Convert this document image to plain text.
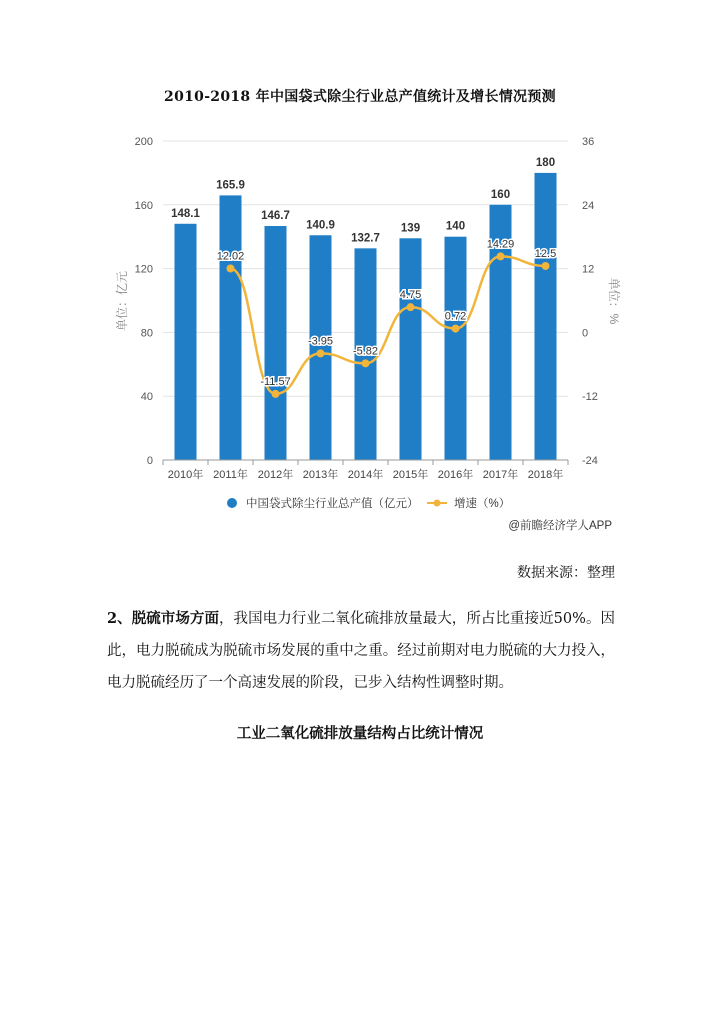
2010-2018 年中国袋式除尘行业总产值统计及增长情况预测
0
40
80
120
160
200
-24
-12
0
12
24
36
单位：亿元	单位：%
148.1
165.9
146.7
140.9
132.7
139 140
160
180
2010年 2011年 2012年 2013年 2014年 2015年 2016年 2017年 2018年
12.02
-11.57
-3.95
-5.82
4.75
0.72
14.29
12.5
中国袋式除尘行业总产值（亿元）	增速（%）
@前瞻经济学人APP
数据来源：整理
2、脱硫市场方面，我国电力行业二氧化硫排放量最大，所占比重接近50%。因此，电力脱硫成为脱硫市场发展的重中之重。经过前期对电力脱硫的大力投入，电力脱硫经历了一个高速发展的阶段，已步入结构性调整时期。
工业二氧化硫排放量结构占比统计情况
